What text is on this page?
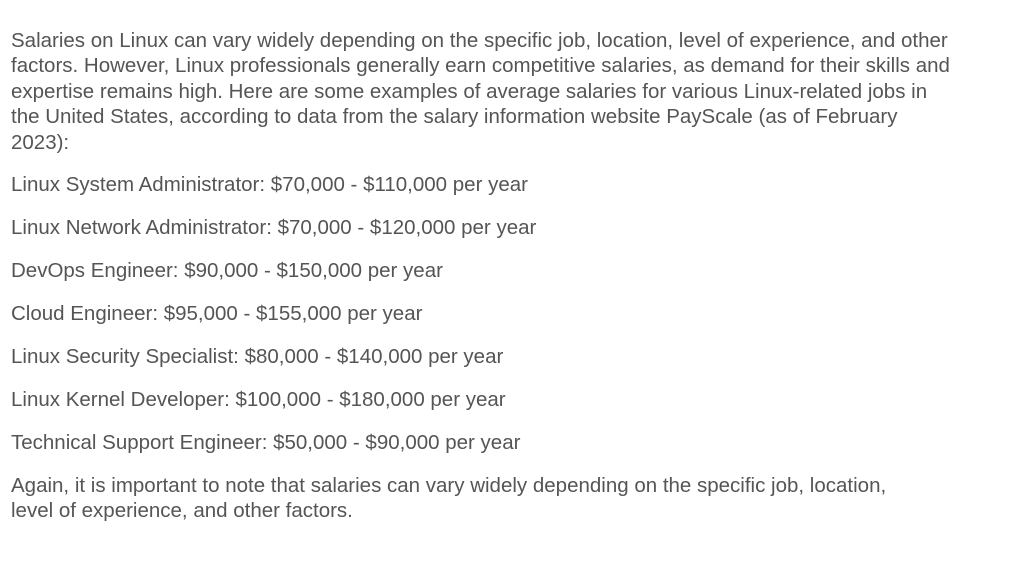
Salaries on Linux can vary widely depending on the specific job, location, level of experience, and other factors. However, Linux professionals generally earn competitive salaries, as demand for their skills and expertise remains high. Here are some examples of average salaries for various Linux-related jobs in the United States, according to data from the salary information website PayScale (as of February 2023):

Linux System Administrator: $70,000 - $110,000 per year

Linux Network Administrator: $70,000 - $120,000 per year

DevOps Engineer: $90,000 - $150,000 per year

Cloud Engineer: $95,000 - $155,000 per year

Linux Security Specialist: $80,000 - $140,000 per year

Linux Kernel Developer: $100,000 - $180,000 per year

Technical Support Engineer: $50,000 - $90,000 per year

Again, it is important to note that salaries can vary widely depending on the specific job, location, level of experience, and other factors.
